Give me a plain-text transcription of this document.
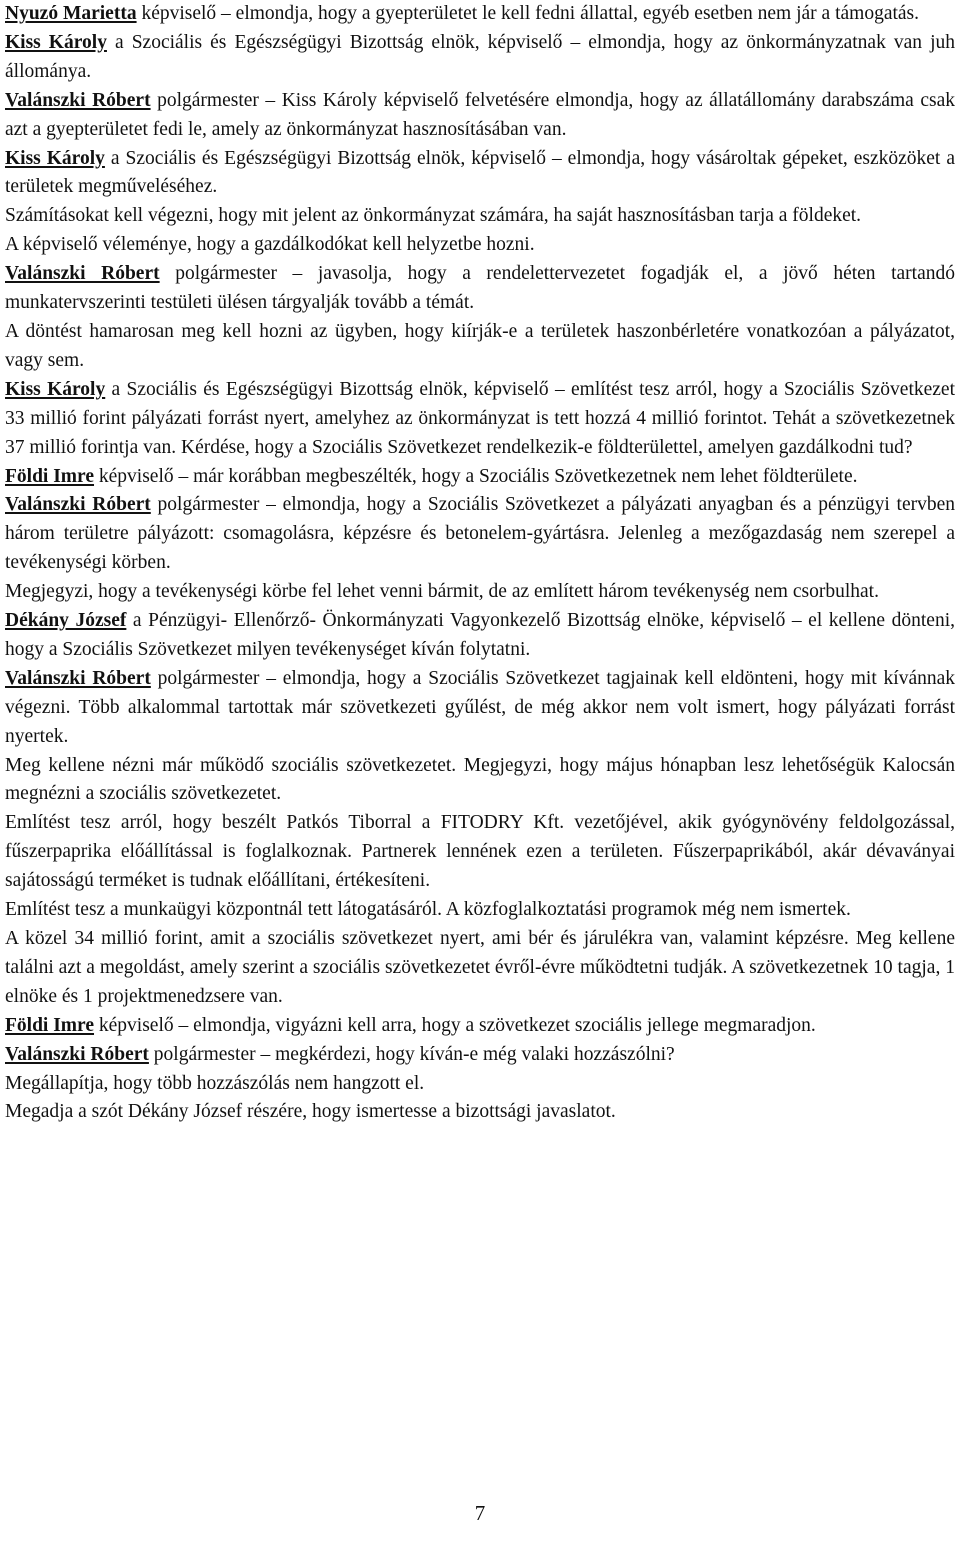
Nyuzó Marietta képviselő – elmondja, hogy a gyepterületet le kell fedni állattal, egyéb esetben nem jár a támogatás.

Kiss Károly a Szociális és Egészségügyi Bizottság elnök, képviselő – elmondja, hogy az önkormányzatnak van juh állománya.

Valánszki Róbert polgármester – Kiss Károly képviselő felvetésére elmondja, hogy az állatállomány darabszáma csak azt a gyepterületet fedi le, amely az önkormányzat hasznosításában van.

Kiss Károly a Szociális és Egészségügyi Bizottság elnök, képviselő – elmondja, hogy vásároltak gépeket, eszközöket a területek megműveléséhez.

Számításokat kell végezni, hogy mit jelent az önkormányzat számára, ha saját hasznosításban tarja a földeket.

A képviselő véleménye, hogy a gazdálkodókat kell helyzetbe hozni.

Valánszki Róbert polgármester – javasolja, hogy a rendelettervezetet fogadják el, a jövő héten tartandó munkatervszerinti testületi ülésen tárgyalják tovább a témát.

A döntést hamarosan meg kell hozni az ügyben, hogy kiírják-e a területek haszonbérletére vonatkozóan a pályázatot, vagy sem.

Kiss Károly a Szociális és Egészségügyi Bizottság elnök, képviselő – említést tesz arról, hogy a Szociális Szövetkezet 33 millió forint pályázati forrást nyert, amelyhez az önkormányzat is tett hozzá 4 millió forintot. Tehát a szövetkezetnek 37 millió forintja van. Kérdése, hogy a Szociális Szövetkezet rendelkezik-e földterülettel, amelyen gazdálkodni tud?

Földi Imre képviselő – már korábban megbeszélték, hogy a Szociális Szövetkezetnek nem lehet földterülete.

Valánszki Róbert polgármester – elmondja, hogy a Szociális Szövetkezet a pályázati anyagban és a pénzügyi tervben három területre pályázott: csomagolásra, képzésre és betonelem-gyártásra. Jelenleg a mezőgazdaság nem szerepel a tevékenységi körben.

Megjegyzi, hogy a tevékenységi körbe fel lehet venni bármit, de az említett három tevékenység nem csorbulhat.

Dékány József a Pénzügyi- Ellenőrző- Önkormányzati Vagyonkezelő Bizottság elnöke, képviselő – el kellene dönteni, hogy a Szociális Szövetkezet milyen tevékenységet kíván folytatni.

Valánszki Róbert polgármester – elmondja, hogy a Szociális Szövetkezet tagjainak kell eldönteni, hogy mit kívánnak végezni. Több alkalommal tartottak már szövetkezeti gyűlést, de még akkor nem volt ismert, hogy pályázati forrást nyertek.

Meg kellene nézni már működő szociális szövetkezetet. Megjegyzi, hogy május hónapban lesz lehetőségük Kalocsán megnézni a szociális szövetkezetet.

Említést tesz arról, hogy beszélt Patkós Tiborral a FITODRY Kft. vezetőjével, akik gyógynövény feldolgozással, fűszerpaprika előállítással is foglalkoznak. Partnerek lennének ezen a területen. Fűszerpaprikából, akár dévaványai sajátosságú terméket is tudnak előállítani, értékesíteni.

Említést tesz a munkaügyi központnál tett látogatásáról. A közfoglalkoztatási programok még nem ismertek.

A közel 34 millió forint, amit a szociális szövetkezet nyert, ami bér és járulékra van, valamint képzésre. Meg kellene találni azt a megoldást, amely szerint a szociális szövetkezetet évről-évre működtetni tudják. A szövetkezetnek 10 tagja, 1 elnöke és 1 projektmenedzsere van.

Földi Imre képviselő – elmondja, vigyázni kell arra, hogy a szövetkezet szociális jellege megmaradjon.

Valánszki Róbert polgármester – megkérdezi, hogy kíván-e még valaki hozzászólni?

Megállapítja, hogy több hozzászólás nem hangzott el.

Megadja a szót Dékány József részére, hogy ismertesse a bizottsági javaslatot.

7
